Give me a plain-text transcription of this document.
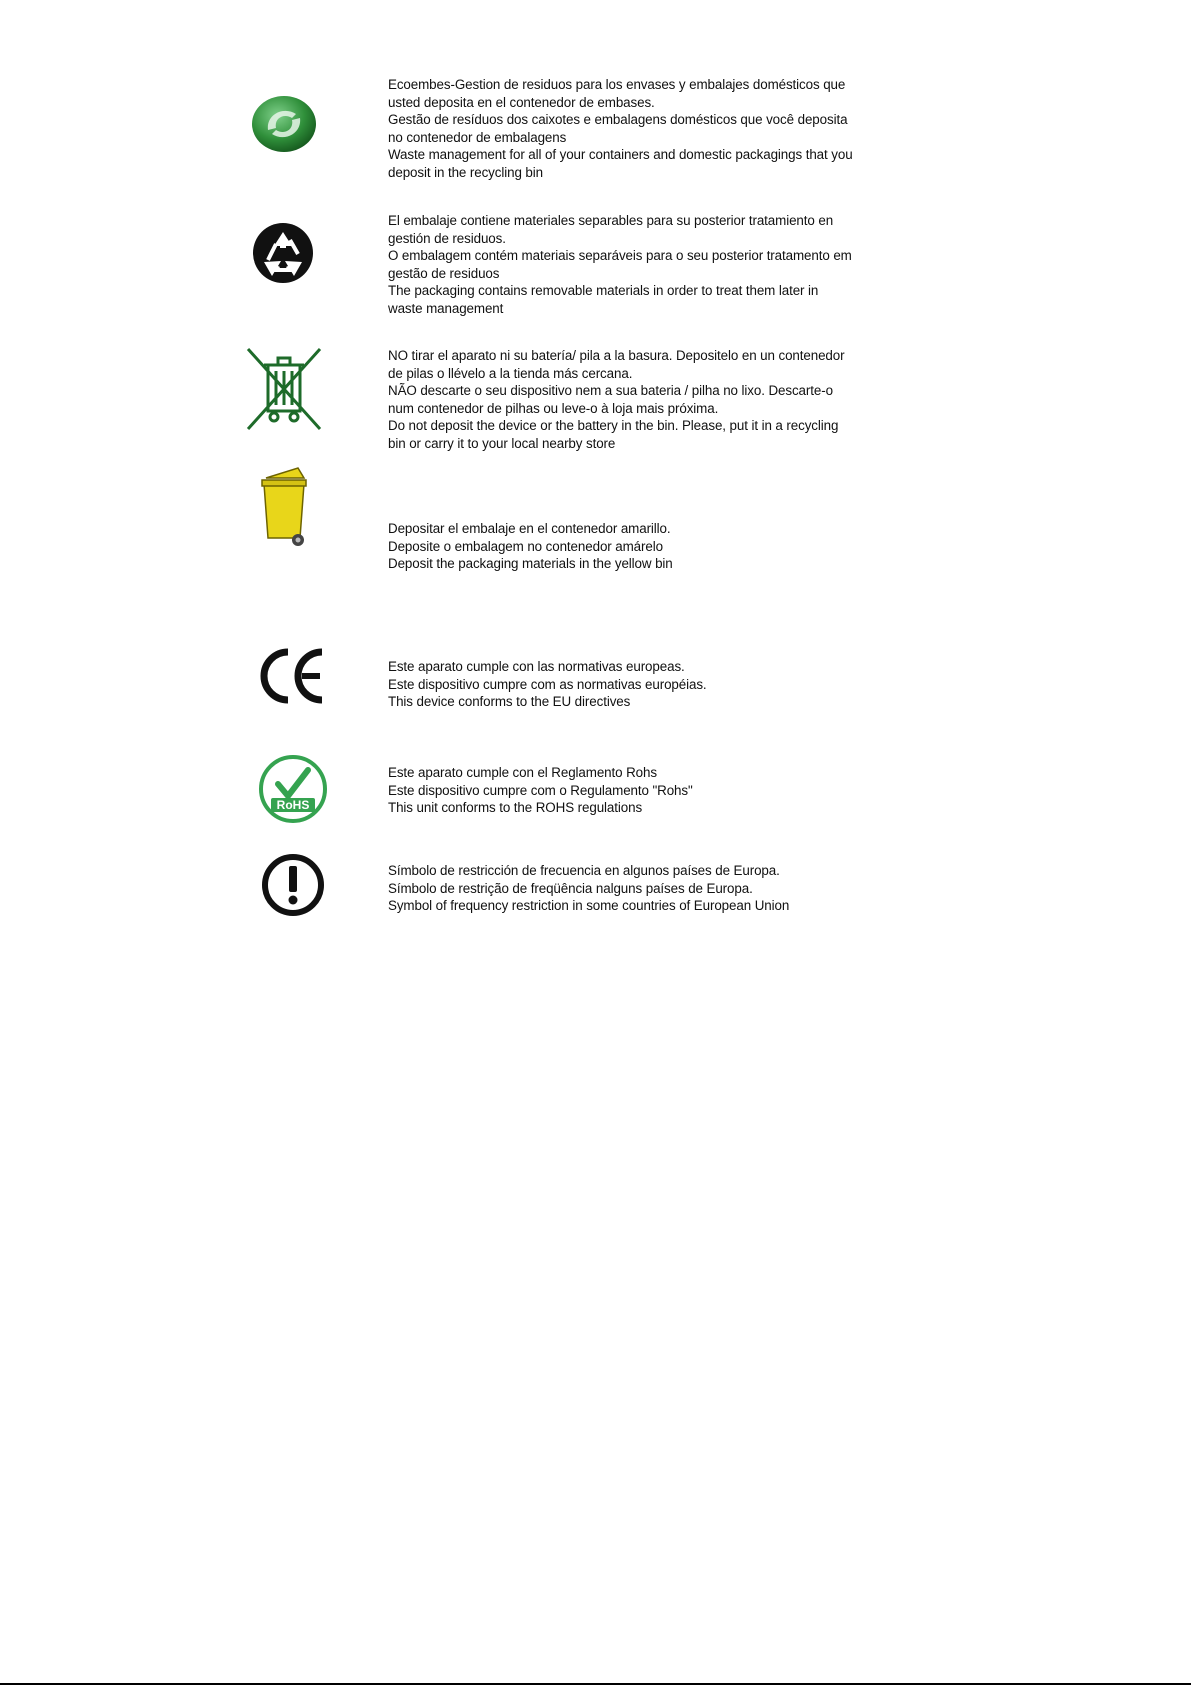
Ecoembes-Gestion de residuos para los envases y embalajes domésticos que

usted deposita en el contenedor de embases.

Gestão de resíduos dos caixotes e embalagens domésticos que você deposita

no contenedor de embalagens

Waste management for all of your containers and domestic packagings that you

deposit in the recycling bin

El embalaje contiene materiales separables para su posterior tratamiento en

gestión de residuos.

O embalagem contém materiais separáveis para o seu posterior tratamento em

gestão de residuos

The packaging contains removable materials in order to treat them later in

waste management

NO tirar el aparato ni su batería/ pila a la basura. Depositelo en un contenedor

de pilas o llévelo a la tienda más cercana.

NÃO descarte o seu dispositivo nem a sua bateria / pilha no lixo. Descarte-o

num contenedor de pilhas ou leve-o à loja mais próxima.

Do not deposit the device or the battery in the bin. Please, put it in a recycling

bin or carry it to your local nearby store

Depositar el embalaje en el contenedor amarillo.

Deposite o embalagem no contenedor amárelo

Deposit the packaging materials in the yellow bin

Este aparato cumple con las normativas europeas.

Este dispositivo cumpre com as normativas européias.

This device conforms to the EU directives

RoHS

Este aparato cumple con el Reglamento Rohs

Este dispositivo cumpre com o Regulamento "Rohs"

This unit conforms to the ROHS regulations

Símbolo de restricción de frecuencia en algunos países de Europa.

Símbolo de restrição de freqüência nalguns países de Europa.

Symbol of frequency restriction in some countries of European Union
